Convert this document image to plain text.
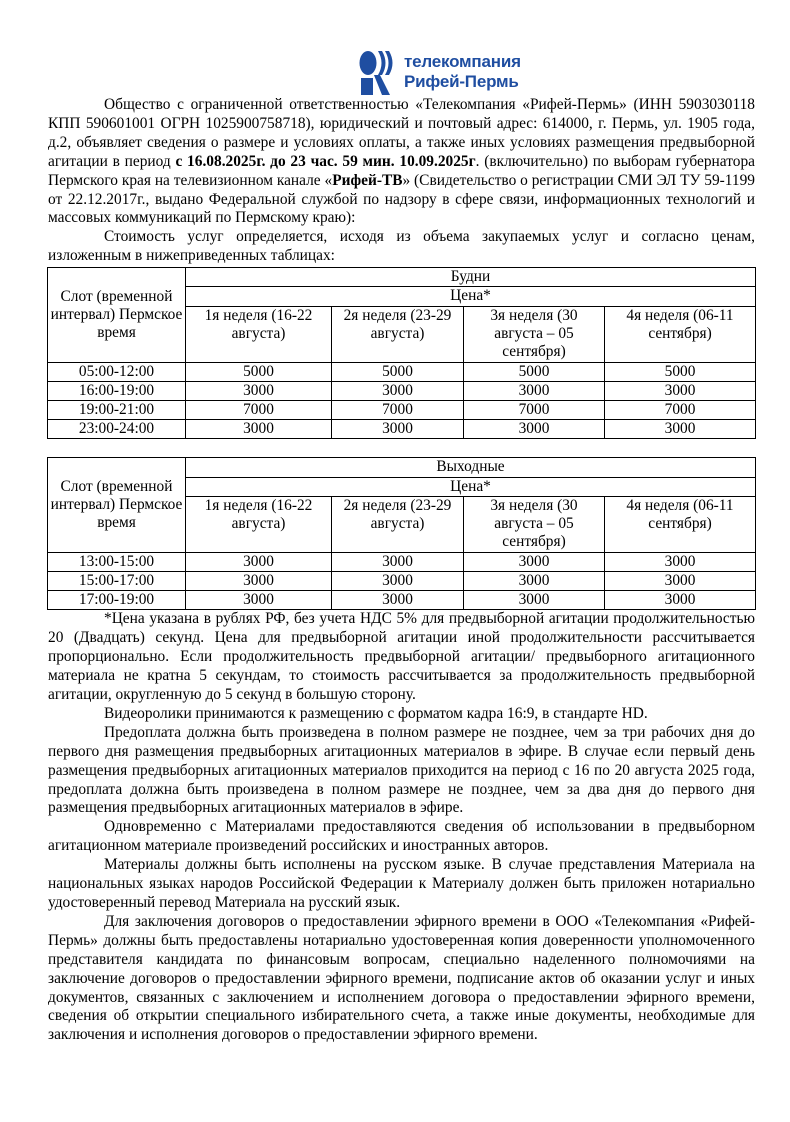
телекомпания
Рифей-Пермь

Общество с ограниченной ответственностью «Телекомпания «Рифей-Пермь» (ИНН 5903030118 КПП 590601001 ОГРН 1025900758718), юридический и почтовый адрес: 614000, г. Пермь, ул. 1905 года, д.2, объявляет сведения о размере и условиях оплаты, а также иных условиях размещения предвыборной агитации в период с 16.08.2025г. до 23 час. 59 мин. 10.09.2025г. (включительно) по выборам губернатора Пермского края на телевизионном канале «Рифей-ТВ» (Свидетельство о регистрации СМИ ЭЛ ТУ 59-1199 от 22.12.2017г., выдано Федеральной службой по надзору в сфере связи, информационных технологий и массовых коммуникаций по Пермскому краю):

Стоимость услуг определяется, исходя из объема закупаемых услуг и согласно ценам, изложенным в нижеприведенных таблицах:

Слот (временной интервал) Пермское время	Будни			
	Цена*			
	1я неделя (16-22 августа)	2я неделя (23-29 августа)	3я неделя (30 августа – 05 сентября)	4я неделя (06-11 сентября)
05:00-12:00	5000	5000	5000	5000
16:00-19:00	3000	3000	3000	3000
19:00-21:00	7000	7000	7000	7000
23:00-24:00	3000	3000	3000	3000
Слот (временной интервал) Пермское время	Выходные			
	Цена*			
	1я неделя (16-22 августа)	2я неделя (23-29 августа)	3я неделя (30 августа – 05 сентября)	4я неделя (06-11 сентября)
13:00-15:00	3000	3000	3000	3000
15:00-17:00	3000	3000	3000	3000
17:00-19:00	3000	3000	3000	3000

*Цена указана в рублях РФ, без учета НДС 5% для предвыборной агитации продолжительностью 20 (Двадцать) секунд. Цена для предвыборной агитации иной продолжительности рассчитывается пропорционально. Если продолжительность предвыборной агитации/ предвыборного агитационного материала не кратна 5 секундам, то стоимость рассчитывается за продолжительность предвыборной агитации, округленную до 5 секунд в большую сторону.

Видеоролики принимаются к размещению с форматом кадра 16:9, в стандарте HD.

Предоплата должна быть произведена в полном размере не позднее, чем за три рабочих дня до первого дня размещения предвыборных агитационных материалов в эфире. В случае если первый день размещения предвыборных агитационных материалов приходится на период с 16 по 20 августа 2025 года, предоплата должна быть произведена в полном размере не позднее, чем за два дня до первого дня размещения предвыборных агитационных материалов в эфире.

Одновременно с Материалами предоставляются сведения об использовании в предвыборном агитационном материале произведений российских и иностранных авторов.

Материалы должны быть исполнены на русском языке. В случае представления Материала на национальных языках народов Российской Федерации к Материалу должен быть приложен нотариально удостоверенный перевод Материала на русский язык.

Для заключения договоров о предоставлении эфирного времени в ООО «Телекомпания «Рифей-Пермь» должны быть предоставлены нотариально удостоверенная копия доверенности уполномоченного представителя кандидата по финансовым вопросам, специально наделенного полномочиями на заключение договоров о предоставлении эфирного времени, подписание актов об оказании услуг и иных документов, связанных с заключением и исполнением договора о предоставлении эфирного времени, сведения об открытии специального избирательного счета, а также иные документы, необходимые для заключения и исполнения договоров о предоставлении эфирного времени.
